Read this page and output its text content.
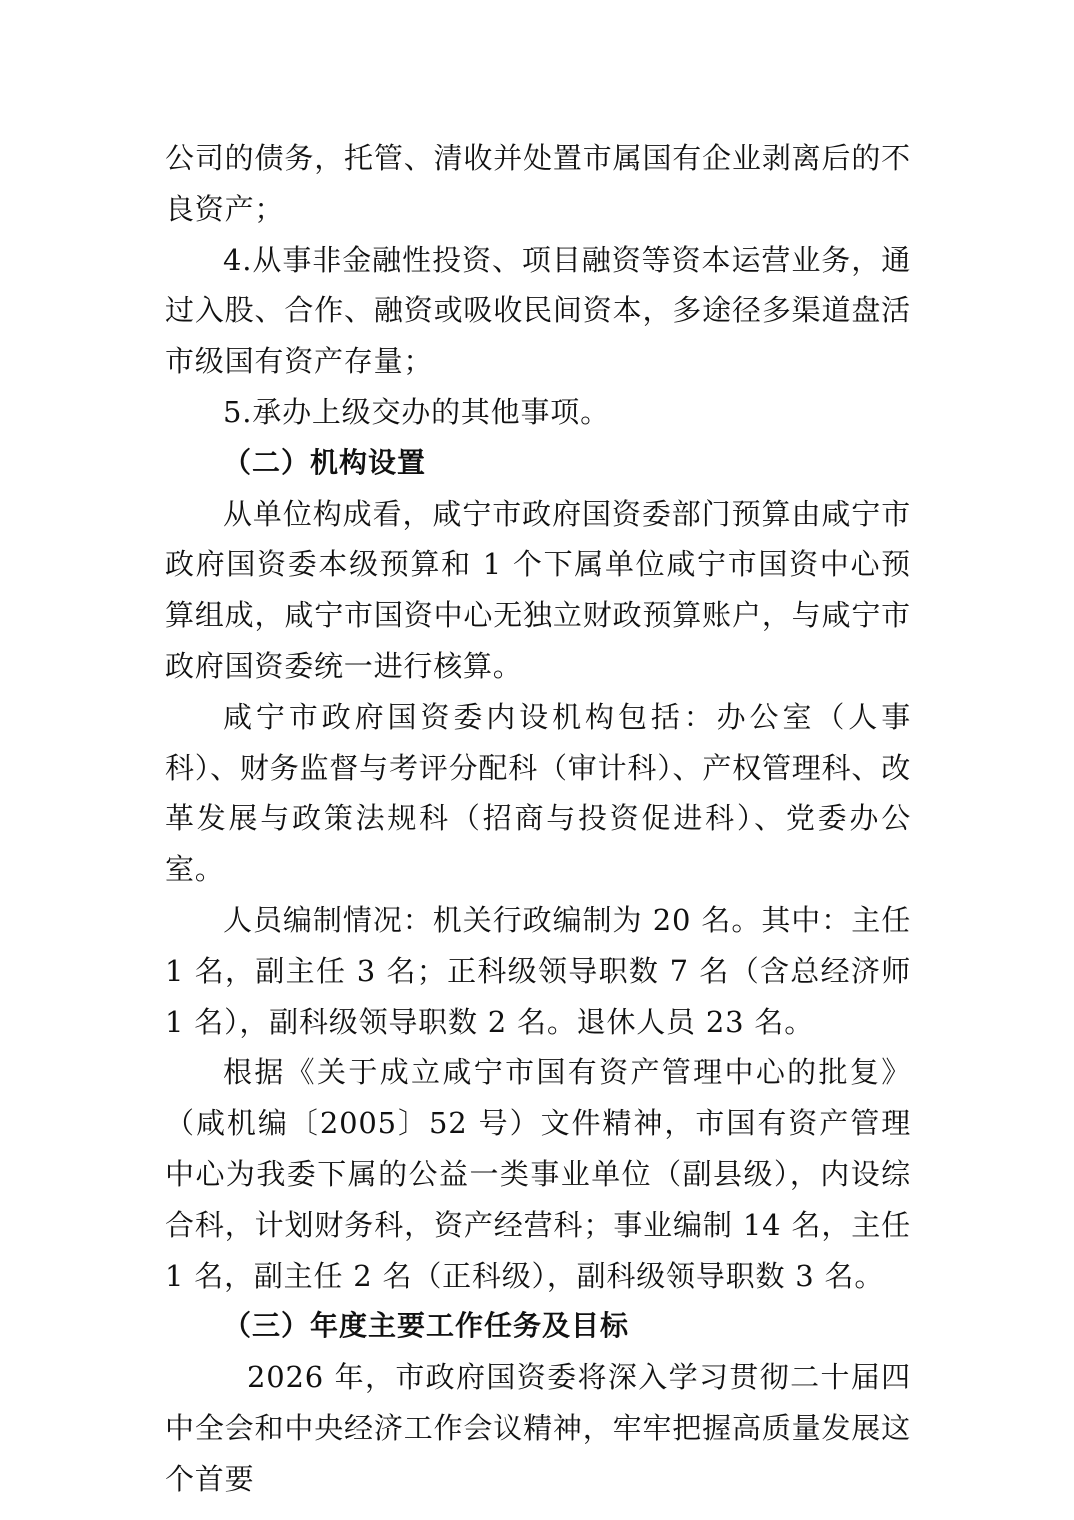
公司的债务，托管、清收并处置市属国有企业剥离后的不良资产；

4.从事非金融性投资、项目融资等资本运营业务，通过入股、合作、融资或吸收民间资本，多途径多渠道盘活市级国有资产存量；

5.承办上级交办的其他事项。

（二）机构设置

从单位构成看，咸宁市政府国资委部门预算由咸宁市政府国资委本级预算和 1 个下属单位咸宁市国资中心预算组成，咸宁市国资中心无独立财政预算账户，与咸宁市政府国资委统一进行核算。

咸宁市政府国资委内设机构包括：办公室（人事科）、财务监督与考评分配科（审计科）、产权管理科、改革发展与政策法规科（招商与投资促进科）、党委办公室。

人员编制情况：机关行政编制为 20 名。其中：主任 1 名，副主任 3 名；正科级领导职数 7 名（含总经济师 1 名），副科级领导职数 2 名。退休人员 23 名。

根据《关于成立咸宁市国有资产管理中心的批复》（咸机编〔2005〕52 号）文件精神，市国有资产管理中心为我委下属的公益一类事业单位（副县级），内设综合科，计划财务科，资产经营科；事业编制 14 名，主任 1 名，副主任 2 名（正科级），副科级领导职数 3 名。

（三）年度主要工作任务及目标

2026 年，市政府国资委将深入学习贯彻二十届四中全会和中央经济工作会议精神，牢牢把握高质量发展这个首要
